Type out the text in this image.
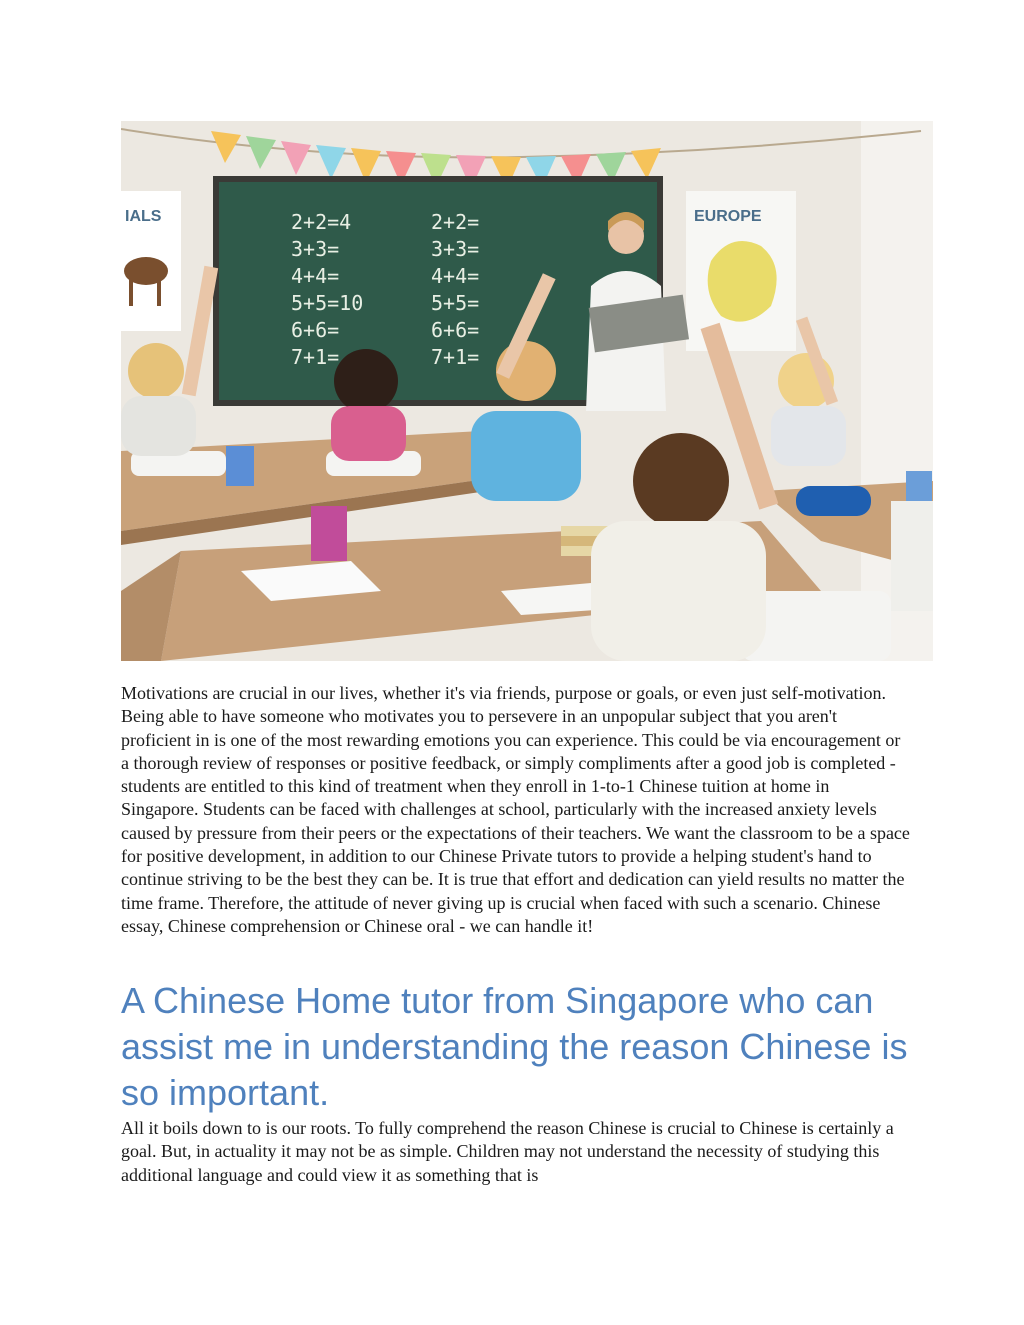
IALS	2+2=4
3+3=
4+4=
5+5=10
6+6=
7+1=
2+2=
3+3=
4+4=
5+5=
6+6=
7+1=
EUROPE

Motivations are crucial in our lives, whether it's via friends, purpose or goals, or even just self-motivation. Being able to have someone who motivates you to persevere in an unpopular subject that you aren't proficient in is one of the most rewarding emotions you can experience. This could be via encouragement or a thorough review of responses or positive feedback, or simply compliments after a good job is completed - students are entitled to this kind of treatment when they enroll in 1-to-1 Chinese tuition at home in Singapore. Students can be faced with challenges at school, particularly with the increased anxiety levels caused by pressure from their peers or the expectations of their teachers. We want the classroom to be a space for positive development, in addition to our Chinese Private tutors to provide a helping student's hand to continue striving to be the best they can be. It is true that effort and dedication can yield results no matter the time frame. Therefore, the attitude of never giving up is crucial when faced with such a scenario. Chinese essay, Chinese comprehension or Chinese oral - we can handle it!

A Chinese Home tutor from Singapore who can assist me in understanding the reason Chinese is so important.

All it boils down to is our roots. To fully comprehend the reason Chinese is crucial to Chinese is certainly a goal. But, in actuality it may not be as simple. Children may not understand the necessity of studying this additional language and could view it as something that is
